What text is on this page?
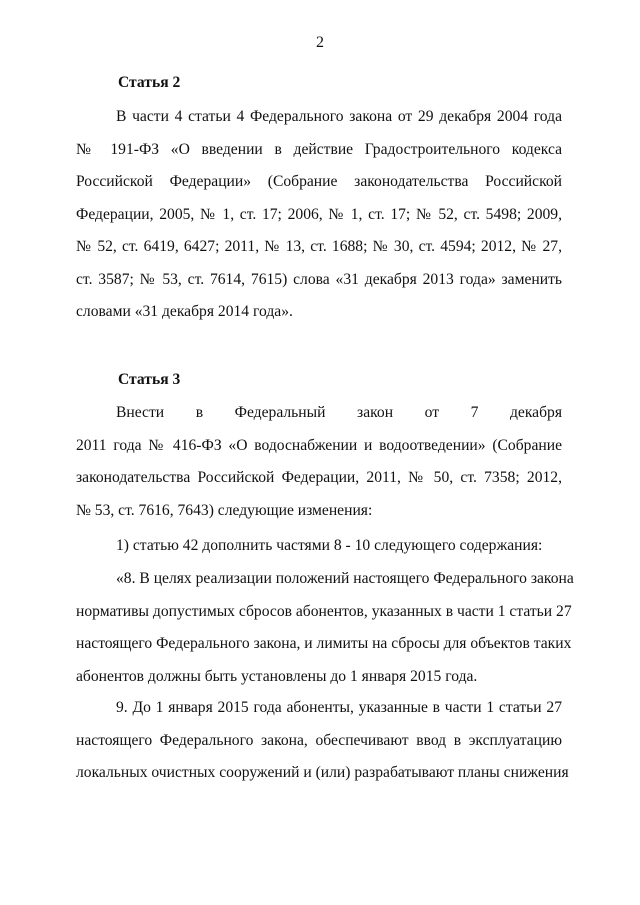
2
Статья 2
В части 4 статьи 4 Федерального закона от 29 декабря 2004 года
№ 191-ФЗ «О введении в действие Градостроительного кодекса
Российской Федерации» (Собрание законодательства Российской
Федерации, 2005, № 1, ст. 17; 2006, № 1, ст. 17; № 52, ст. 5498; 2009,
№ 52, ст. 6419, 6427; 2011, № 13, ст. 1688; № 30, ст. 4594; 2012, № 27,
ст. 3587; № 53, ст. 7614, 7615) слова «31 декабря 2013 года» заменить
словами «31 декабря 2014 года».
Статья 3
Внести в Федеральный закон от 7 декабря
2011 года № 416-ФЗ «О водоснабжении и водоотведении» (Собрание
законодательства Российской Федерации, 2011, № 50, ст. 7358; 2012,
№ 53, ст. 7616, 7643) следующие изменения:
1) статью 42 дополнить частями 8 - 10 следующего содержания:
«8. В целях реализации положений настоящего Федерального закона
нормативы допустимых сбросов абонентов, указанных в части 1 статьи 27
настоящего Федерального закона, и лимиты на сбросы для объектов таких
абонентов должны быть установлены до 1 января 2015 года.
9. До 1 января 2015 года абоненты, указанные в части 1 статьи 27
настоящего Федерального закона, обеспечивают ввод в эксплуатацию
локальных очистных сооружений и (или) разрабатывают планы снижения
